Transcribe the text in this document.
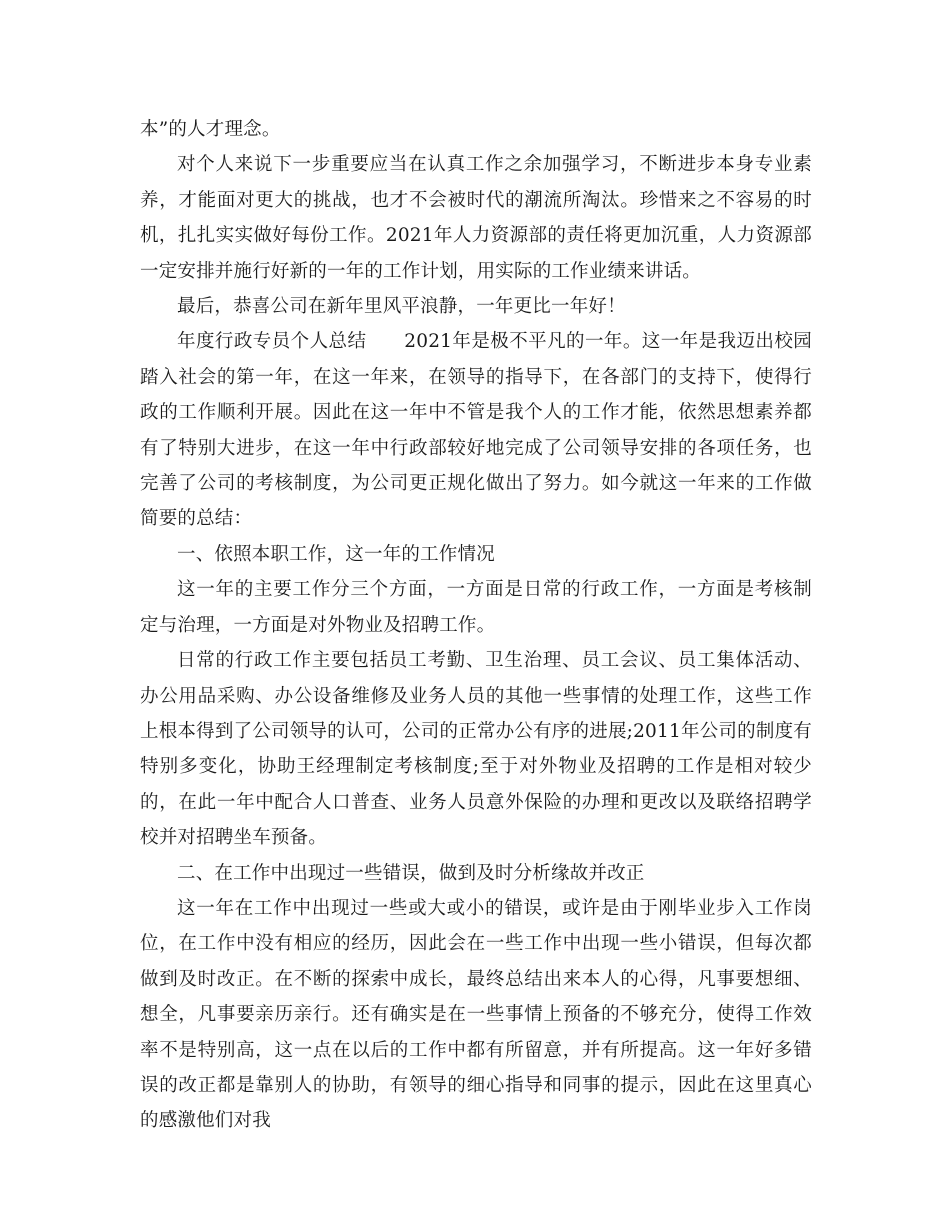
本”的人才理念。

对个人来说下一步重要应当在认真工作之余加强学习，不断进步本身专业素养，才能面对更大的挑战，也才不会被时代的潮流所淘汰。珍惜来之不容易的时机，扎扎实实做好每份工作。2021年人力资源部的责任将更加沉重，人力资源部一定安排并施行好新的一年的工作计划，用实际的工作业绩来讲话。

最后，恭喜公司在新年里风平浪静，一年更比一年好！

年度行政专员个人总结　　2021年是极不平凡的一年。这一年是我迈出校园踏入社会的第一年，在这一年来，在领导的指导下，在各部门的支持下，使得行政的工作顺利开展。因此在这一年中不管是我个人的工作才能，依然思想素养都有了特别大进步，在这一年中行政部较好地完成了公司领导安排的各项任务，也完善了公司的考核制度，为公司更正规化做出了努力。如今就这一年来的工作做简要的总结：

一、依照本职工作，这一年的工作情况

这一年的主要工作分三个方面，一方面是日常的行政工作，一方面是考核制定与治理，一方面是对外物业及招聘工作。

日常的行政工作主要包括员工考勤、卫生治理、员工会议、员工集体活动、办公用品采购、办公设备维修及业务人员的其他一些事情的处理工作，这些工作上根本得到了公司领导的认可，公司的正常办公有序的进展;2011年公司的制度有特别多变化，协助王经理制定考核制度;至于对外物业及招聘的工作是相对较少的，在此一年中配合人口普查、业务人员意外保险的办理和更改以及联络招聘学校并对招聘坐车预备。

二、在工作中出现过一些错误，做到及时分析缘故并改正

这一年在工作中出现过一些或大或小的错误，或许是由于刚毕业步入工作岗位，在工作中没有相应的经历，因此会在一些工作中出现一些小错误，但每次都做到及时改正。在不断的探索中成长，最终总结出来本人的心得，凡事要想细、想全，凡事要亲历亲行。还有确实是在一些事情上预备的不够充分，使得工作效率不是特别高，这一点在以后的工作中都有所留意，并有所提高。这一年好多错误的改正都是靠别人的协助，有领导的细心指导和同事的提示，因此在这里真心的感激他们对我
